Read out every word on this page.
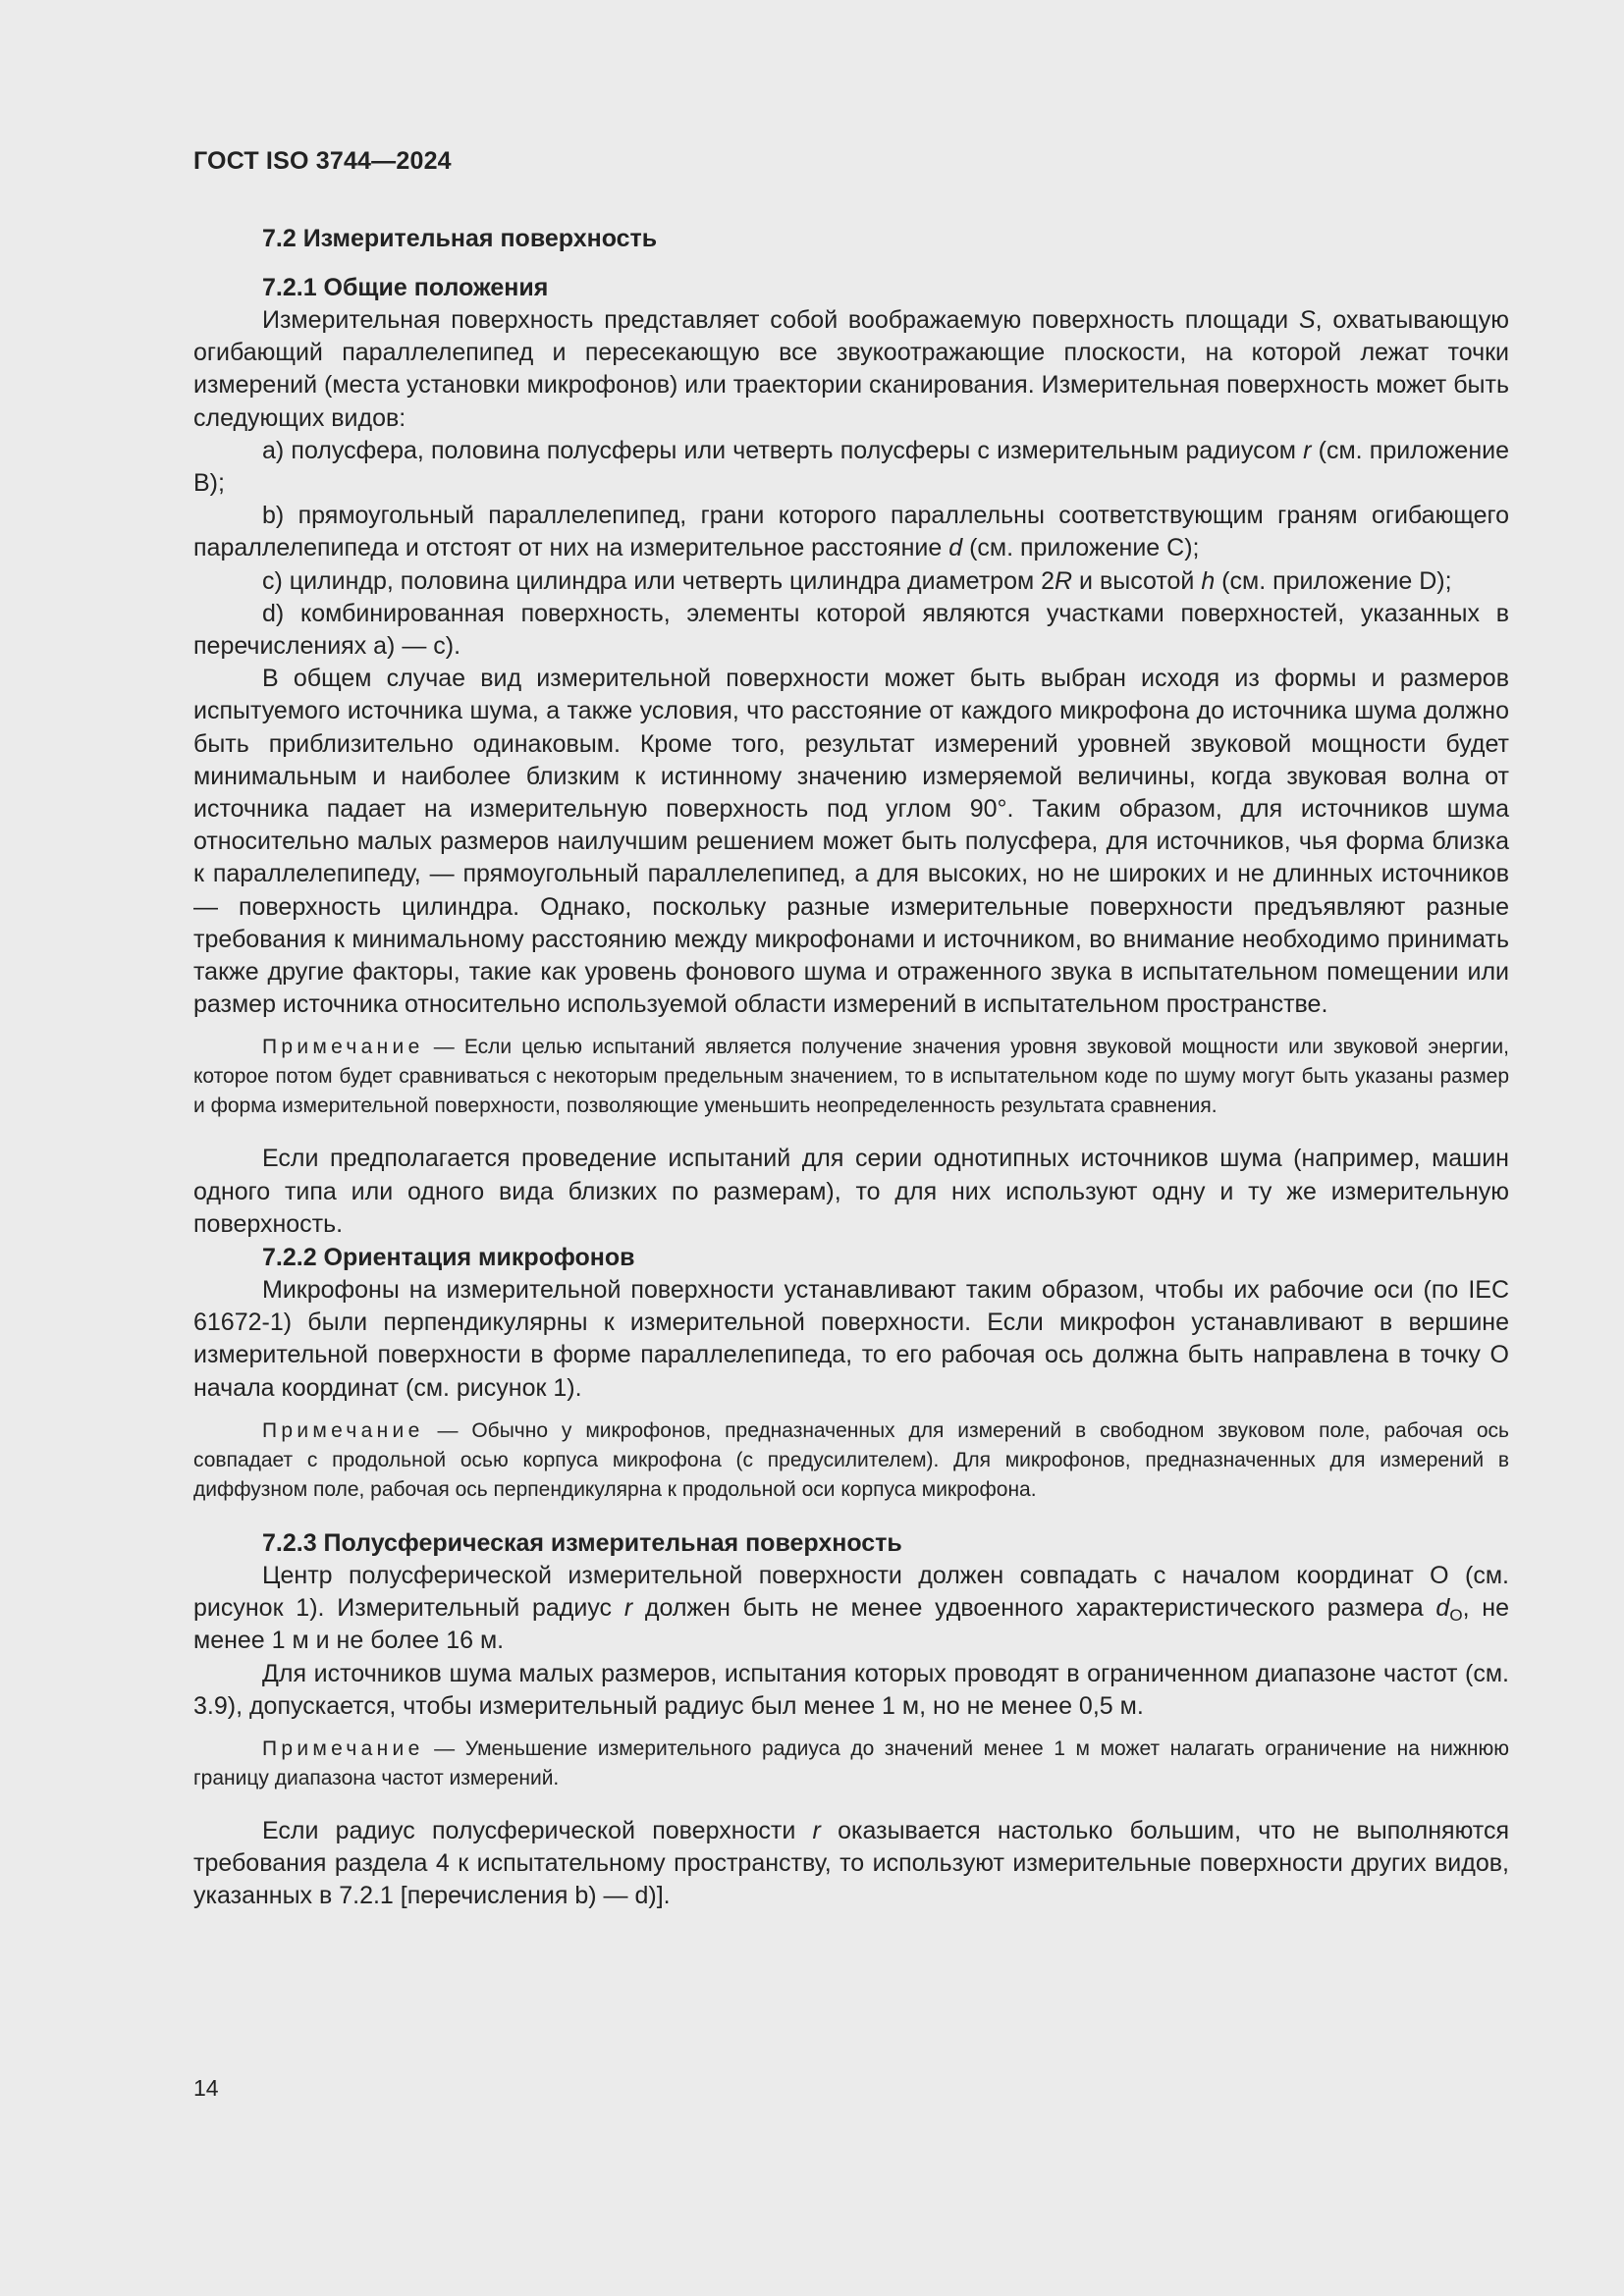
ГОСТ ISO 3744—2024
7.2 Измерительная поверхность
7.2.1 Общие положения

Измерительная поверхность представляет собой воображаемую поверхность площади S, охватывающую огибающий параллелепипед и пересекающую все звукоотражающие плоскости, на которой лежат точки измерений (места установки микрофонов) или траектории сканирования. Измерительная поверхность может быть следующих видов:

a) полусфера, половина полусферы или четверть полусферы с измерительным радиусом r (см. приложение B);

b) прямоугольный параллелепипед, грани которого параллельны соответствующим граням огибающего параллелепипеда и отстоят от них на измерительное расстояние d (см. приложение С);

c) цилиндр, половина цилиндра или четверть цилиндра диаметром 2R и высотой h (см. приложение D);

d) комбинированная поверхность, элементы которой являются участками поверхностей, указанных в перечислениях a) — c).

В общем случае вид измерительной поверхности может быть выбран исходя из формы и размеров испытуемого источника шума, а также условия, что расстояние от каждого микрофона до источника шума должно быть приблизительно одинаковым. Кроме того, результат измерений уровней звуковой мощности будет минимальным и наиболее близким к истинному значению измеряемой величины, когда звуковая волна от источника падает на измерительную поверхность под углом 90°. Таким образом, для источников шума относительно малых размеров наилучшим решением может быть полусфера, для источников, чья форма близка к параллелепипеду, — прямоугольный параллелепипед, а для высоких, но не широких и не длинных источников — поверхность цилиндра. Однако, поскольку разные измерительные поверхности предъявляют разные требования к минимальному расстоянию между микрофонами и источником, во внимание необходимо принимать также другие факторы, такие как уровень фонового шума и отраженного звука в испытательном помещении или размер источника относительно используемой области измерений в испытательном пространстве.

Примечание — Если целью испытаний является получение значения уровня звуковой мощности или звуковой энергии, которое потом будет сравниваться с некоторым предельным значением, то в испытательном коде по шуму могут быть указаны размер и форма измерительной поверхности, позволяющие уменьшить неопределенность результата сравнения.

Если предполагается проведение испытаний для серии однотипных источников шума (например, машин одного типа или одного вида близких по размерам), то для них используют одну и ту же измерительную поверхность.

7.2.2 Ориентация микрофонов

Микрофоны на измерительной поверхности устанавливают таким образом, чтобы их рабочие оси (по IEC 61672-1) были перпендикулярны к измерительной поверхности. Если микрофон устанавливают в вершине измерительной поверхности в форме параллелепипеда, то его рабочая ось должна быть направлена в точку О начала координат (см. рисунок 1).

Примечание — Обычно у микрофонов, предназначенных для измерений в свободном звуковом поле, рабочая ось совпадает с продольной осью корпуса микрофона (с предусилителем). Для микрофонов, предназначенных для измерений в диффузном поле, рабочая ось перпендикулярна к продольной оси корпуса микрофона.

7.2.3 Полусферическая измерительная поверхность

Центр полусферической измерительной поверхности должен совпадать с началом координат О (см. рисунок 1). Измерительный радиус r должен быть не менее удвоенного характеристического размера $d_O$, не менее 1 м и не более 16 м.

Для источников шума малых размеров, испытания которых проводят в ограниченном диапазоне частот (см. 3.9), допускается, чтобы измерительный радиус был менее 1 м, но не менее 0,5 м.

Примечание — Уменьшение измерительного радиуса до значений менее 1 м может налагать ограничение на нижнюю границу диапазона частот измерений.

Если радиус полусферической поверхности r оказывается настолько большим, что не выполняются требования раздела 4 к испытательному пространству, то используют измерительные поверхности других видов, указанных в 7.2.1 [перечисления b) — d)].

14
